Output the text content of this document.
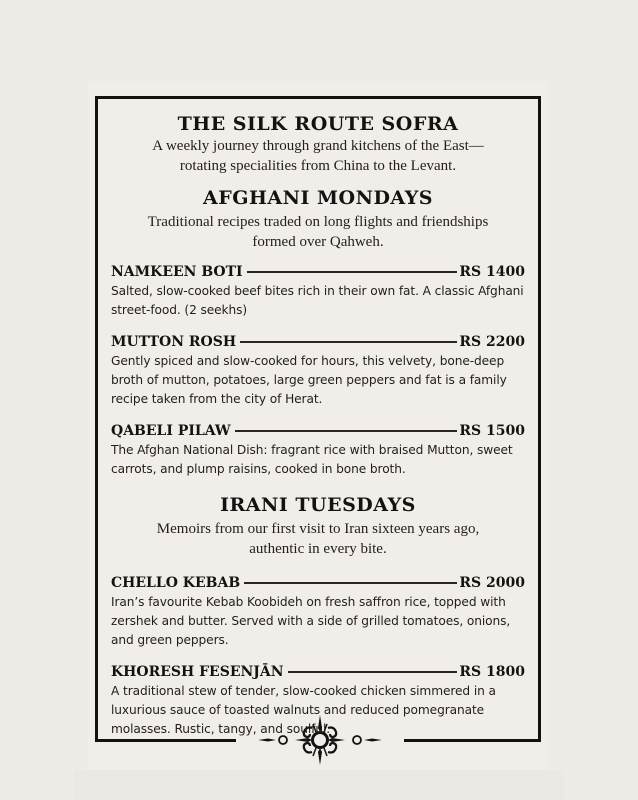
THE SILK ROUTE SOFRA

A weekly journey through grand kitchens of the East—rotating specialities from China to the Levant.

AFGHANI MONDAYS

Traditional recipes traded on long flights and friendships formed over Qahweh.

NAMKEEN BOTI	RS 1400

Salted, slow-cooked beef bites rich in their own fat. A classic Afghani street-food. (2 seekhs)

MUTTON ROSH	RS 2200

Gently spiced and slow-cooked for hours, this velvety, bone-deep broth of mutton, potatoes, large green peppers and fat is a family recipe taken from the city of Herat.

QABELI PILAW	RS 1500

The Afghan National Dish: fragrant rice with braised Mutton, sweet carrots, and plump raisins, cooked in bone broth.

IRANI TUESDAYS

Memoirs from our first visit to Iran sixteen years ago, authentic in every bite.

CHELLO KEBAB	RS 2000

Iran’s favourite Kebab Koobideh on fresh saffron rice, topped with zershek and butter. Served with a side of grilled tomatoes, onions, and green peppers.

KHORESH FESENJĀN	RS 1800

A traditional stew of tender, slow-cooked chicken simmered in a luxurious sauce of toasted walnuts and reduced pomegranate molasses. Rustic, tangy, and soulful.
